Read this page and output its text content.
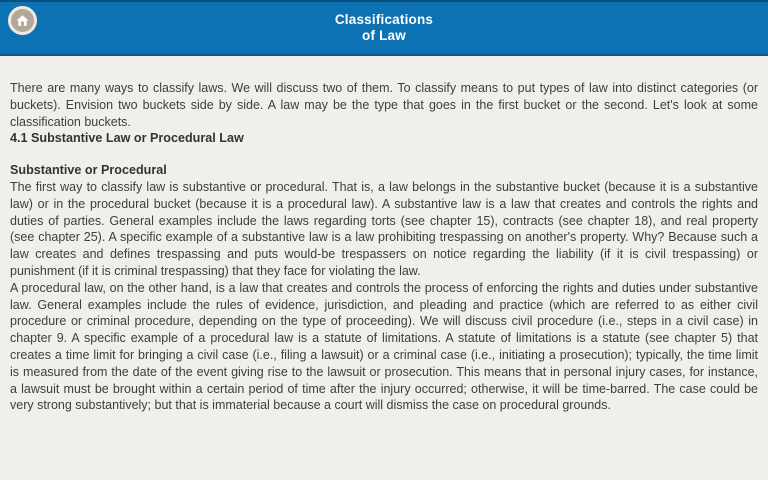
Classifications
of Law

There are many ways to classify laws. We will discuss two of them. To classify means to put types of law into distinct categories (or buckets). Envision two buckets side by side. A law may be the type that goes in the first bucket or the second. Let's look at some classification buckets.

4.1 Substantive Law or Procedural Law
Substantive or Procedural

The first way to classify law is substantive or procedural. That is, a law belongs in the substantive bucket (because it is a substantive law) or in the procedural bucket (because it is a procedural law). A substantive law is a law that creates and controls the rights and duties of parties. General examples include the laws regarding torts (see chapter 15), contracts (see chapter 18), and real property (see chapter 25). A specific example of a substantive law is a law prohibiting trespassing on another's property. Why? Because such a law creates and defines trespassing and puts would-be trespassers on notice regarding the liability (if it is civil trespassing) or punishment (if it is criminal trespassing) that they face for violating the law.

A procedural law, on the other hand, is a law that creates and controls the process of enforcing the rights and duties under substantive law. General examples include the rules of evidence, jurisdiction, and pleading and practice (which are referred to as either civil procedure or criminal procedure, depending on the type of proceeding). We will discuss civil procedure (i.e., steps in a civil case) in chapter 9. A specific example of a procedural law is a statute of limitations. A statute of limitations is a statute (see chapter 5) that creates a time limit for bringing a civil case (i.e., filing a lawsuit) or a criminal case (i.e., initiating a prosecution); typically, the time limit is measured from the date of the event giving rise to the lawsuit or prosecution. This means that in personal injury cases, for instance, a lawsuit must be brought within a certain period of time after the injury occurred; otherwise, it will be time-barred. The case could be very strong substantively; but that is immaterial because a court will dismiss the case on procedural grounds.
